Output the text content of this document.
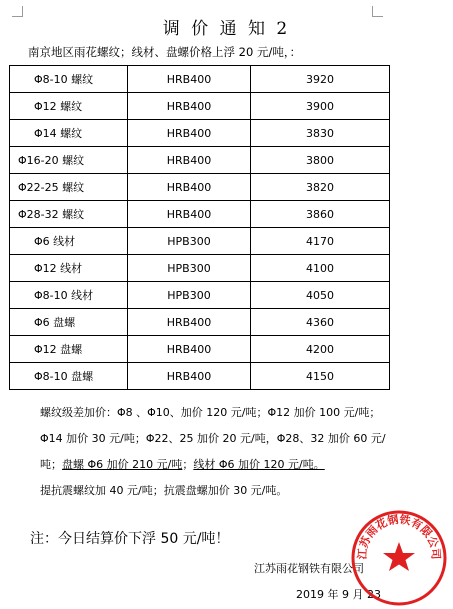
调 价 通 知 2
南京地区雨花螺纹；线材、盘螺价格上浮 20 元/吨，：
Φ8-10 螺纹	HRB400	3920
Φ12 螺纹	HRB400	3900
Φ14 螺纹	HRB400	3830
Φ16-20 螺纹	HRB400	3800
Φ22-25 螺纹	HRB400	3820
Φ28-32 螺纹	HRB400	3860
Φ6 线材	HPB300	4170
Φ12 线材	HPB300	4100
Φ8-10 线材	HPB300	4050
Φ6 盘螺	HRB400	4360
Φ12 盘螺	HRB400	4200
Φ8-10 盘螺	HRB400	4150

螺纹级差加价：Φ8 、Φ10、加价 120 元/吨；Φ12 加价 100 元/吨；Φ14 加价 30 元/吨；Φ22、25 加价 20 元/吨，Φ28、32 加价 60 元/吨；盘螺 Φ6 加价 210 元/吨；线材 Φ6 加价 120 元/吨。

提抗震螺纹加 40 元/吨；抗震盘螺加价 30 元/吨。

注：今日结算价下浮 50 元/吨！
江苏雨花钢铁有限公司
2019 年 9 月 23
江苏雨花钢铁有限公司
